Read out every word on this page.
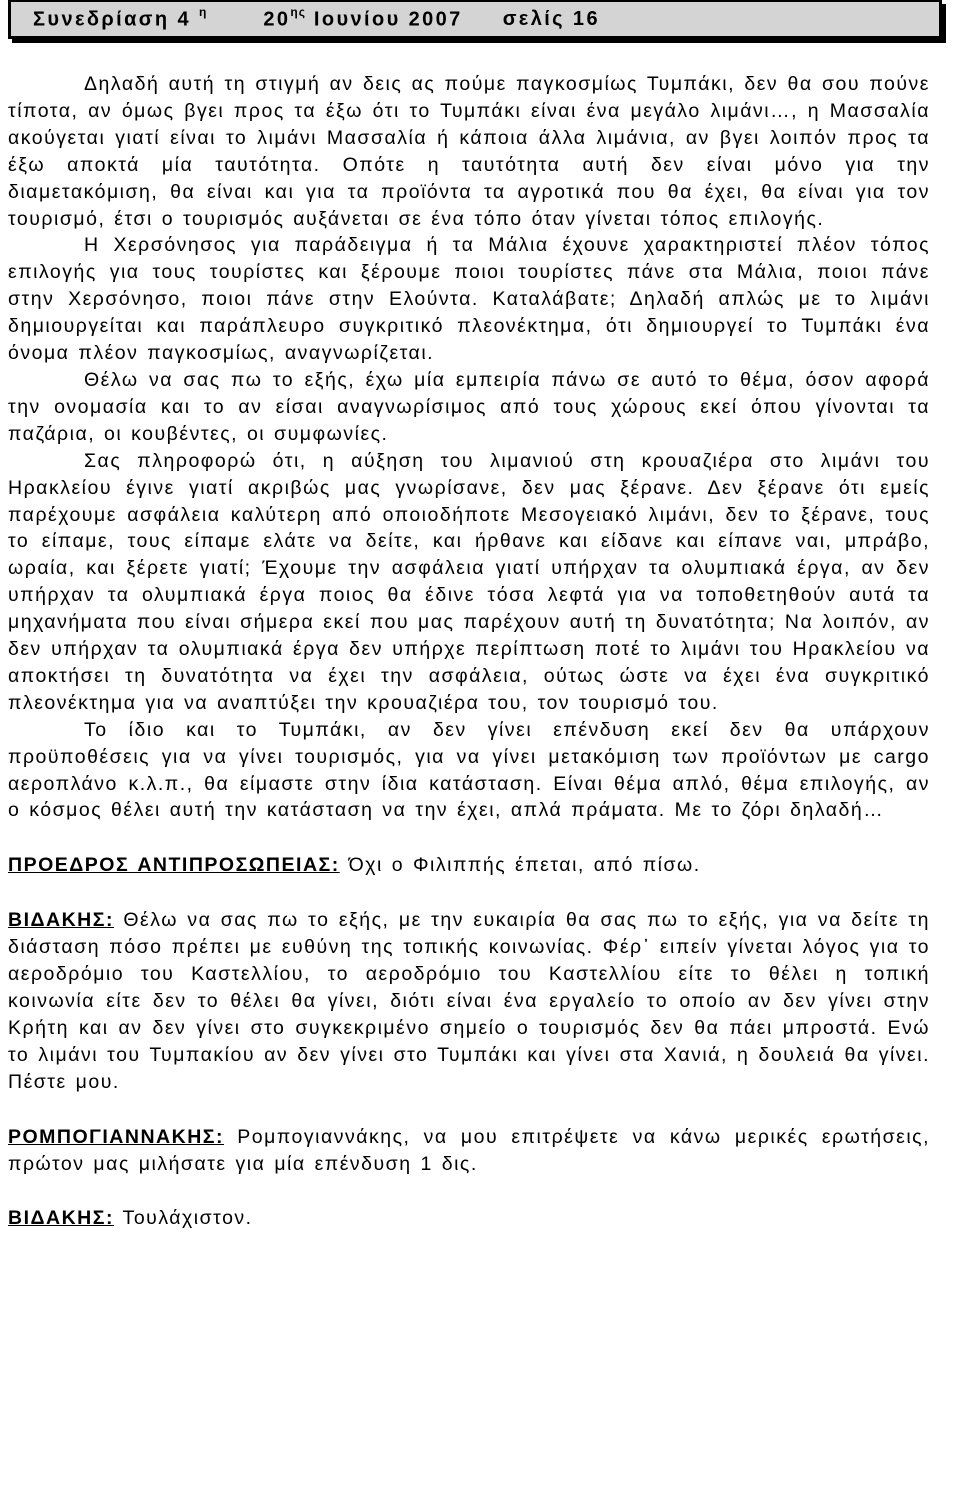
Συνεδρίαση 4 $^\eta$	$20^{\eta\varsigma}$ Ιουνίου 2007 σελίς 16

Δηλαδή αυτή τη στιγμή αν δεις ας πούμε παγκοσμίως Τυμπάκι, δεν θα σου πούνε τίποτα, αν όμως βγει προς τα έξω ότι το Τυμπάκι είναι ένα μεγάλο λιμάνι…, η Μασσαλία ακούγεται γιατί είναι το λιμάνι Μασσαλία ή κάποια άλλα λιμάνια, αν βγει λοιπόν προς τα έξω αποκτά μία ταυτότητα. Οπότε η ταυτότητα αυτή δεν είναι μόνο για την διαμετακόμιση, θα είναι και για τα προϊόντα τα αγροτικά που θα έχει, θα είναι για τον τουρισμό, έτσι ο τουρισμός αυξάνεται σε ένα τόπο όταν γίνεται τόπος επιλογής.

Η Χερσόνησος για παράδειγμα ή τα Μάλια έχουνε χαρακτηριστεί πλέον τόπος επιλογής για τους τουρίστες και ξέρουμε ποιοι τουρίστες πάνε στα Μάλια, ποιοι πάνε στην Χερσόνησο, ποιοι πάνε στην Ελούντα. Καταλάβατε; Δηλαδή απλώς με το λιμάνι δημιουργείται και παράπλευρο συγκριτικό πλεονέκτημα, ότι δημιουργεί το Τυμπάκι ένα όνομα πλέον παγκοσμίως, αναγνωρίζεται.

Θέλω να σας πω το εξής, έχω μία εμπειρία πάνω σε αυτό το θέμα, όσον αφορά την ονομασία και το αν είσαι αναγνωρίσιμος από τους χώρους εκεί όπου γίνονται τα παζάρια, οι κουβέντες, οι συμφωνίες.

Σας πληροφορώ ότι, η αύξηση του λιμανιού στη κρουαζιέρα στο λιμάνι του Ηρακλείου έγινε γιατί ακριβώς μας γνωρίσανε, δεν μας ξέρανε. Δεν ξέρανε ότι εμείς παρέχουμε ασφάλεια καλύτερη από οποιοδήποτε Μεσογειακό λιμάνι, δεν το ξέρανε, τους το είπαμε, τους είπαμε ελάτε να δείτε, και ήρθανε και είδανε και είπανε ναι, μπράβο, ωραία, και ξέρετε γιατί; Έχουμε την ασφάλεια γιατί υπήρχαν τα ολυμπιακά έργα, αν δεν υπήρχαν τα ολυμπιακά έργα ποιος θα έδινε τόσα λεφτά για να τοποθετηθούν αυτά τα μηχανήματα που είναι σήμερα εκεί που μας παρέχουν αυτή τη δυνατότητα; Να λοιπόν, αν δεν υπήρχαν τα ολυμπιακά έργα δεν υπήρχε περίπτωση ποτέ το λιμάνι του Ηρακλείου να αποκτήσει τη δυνατότητα να έχει την ασφάλεια, ούτως ώστε να έχει ένα συγκριτικό πλεονέκτημα για να αναπτύξει την κρουαζιέρα του, τον τουρισμό του.

Το ίδιο και το Τυμπάκι, αν δεν γίνει επένδυση εκεί δεν θα υπάρχουν προϋποθέσεις για να γίνει τουρισμός, για να γίνει μετακόμιση των προϊόντων με cargo αεροπλάνο κ.λ.π., θα είμαστε στην ίδια κατάσταση. Είναι θέμα απλό, θέμα επιλογής, αν ο κόσμος θέλει αυτή την κατάσταση να την έχει, απλά πράματα. Με το ζόρι δηλαδή…

ΠΡΟΕΔΡΟΣ ΑΝΤΙΠΡΟΣΩΠΕΙΑΣ: Όχι ο Φιλιππής έπεται, από πίσω.

ΒΙΔΑΚΗΣ: Θέλω να σας πω το εξής, με την ευκαιρία θα σας πω το εξής, για να δείτε τη διάσταση πόσο πρέπει με ευθύνη της τοπικής κοινωνίας. Φέρ᾽ ειπείν γίνεται λόγος για το αεροδρόμιο του Καστελλίου, το αεροδρόμιο του Καστελλίου είτε το θέλει η τοπική κοινωνία είτε δεν το θέλει θα γίνει, διότι είναι ένα εργαλείο το οποίο αν δεν γίνει στην Κρήτη και αν δεν γίνει στο συγκεκριμένο σημείο ο τουρισμός δεν θα πάει μπροστά. Ενώ το λιμάνι του Τυμπακίου αν δεν γίνει στο Τυμπάκι και γίνει στα Χανιά, η δουλειά θα γίνει. Πέστε μου.

ΡΟΜΠΟΓΙΑΝΝΑΚΗΣ: Ρομπογιαννάκης, να μου επιτρέψετε να κάνω μερικές ερωτήσεις, πρώτον μας μιλήσατε για μία επένδυση 1 δις.

ΒΙΔΑΚΗΣ: Τουλάχιστον.
